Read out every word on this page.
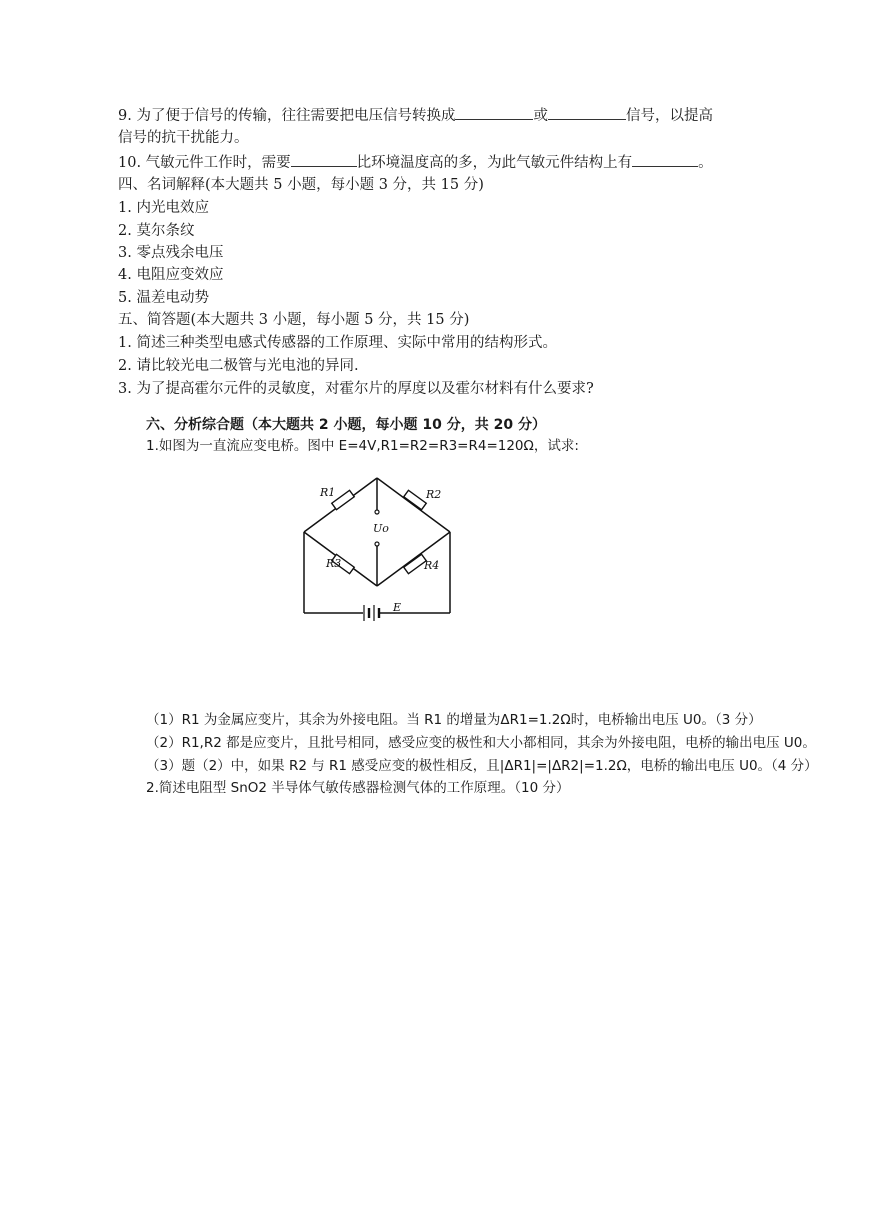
9. 为了便于信号的传输，往往需要把电压信号转换成	或	信号，以提高
信号的抗干扰能力。
10. 气敏元件工作时，需要	比环境温度高的多，为此气敏元件结构上有	。
四、名词解释(本大题共 5 小题，每小题 3 分，共 15 分)
1. 内光电效应
2. 莫尔条纹
3. 零点残余电压
4. 电阻应变效应
5. 温差电动势
五、简答题(本大题共 3 小题，每小题 5 分，共 15 分)
1. 简述三种类型电感式传感器的工作原理、实际中常用的结构形式。
2. 请比较光电二极管与光电池的异同.
3. 为了提高霍尔元件的灵敏度，对霍尔片的厚度以及霍尔材料有什么要求?
六、分析综合题（本大题共 2 小题，每小题 10 分，共 20 分）
1.如图为一直流应变电桥。图中 E=4V,R1=R2=R3=R4=120Ω，试求:
R1	R2
R3	R4
Uo
E
（1）R1 为金属应变片，其余为外接电阻。当 R1 的增量为ΔR1=1.2Ω时，电桥输出电压 U0。（3 分）
（2）R1,R2 都是应变片，且批号相同，感受应变的极性和大小都相同，其余为外接电阻，电桥的输出电压 U0。
（3）题（2）中，如果 R2 与 R1 感受应变的极性相反，且|ΔR1|=|ΔR2|=1.2Ω，电桥的输出电压 U0。（4 分）
2.简述电阻型 SnO2 半导体气敏传感器检测气体的工作原理。（10 分）
